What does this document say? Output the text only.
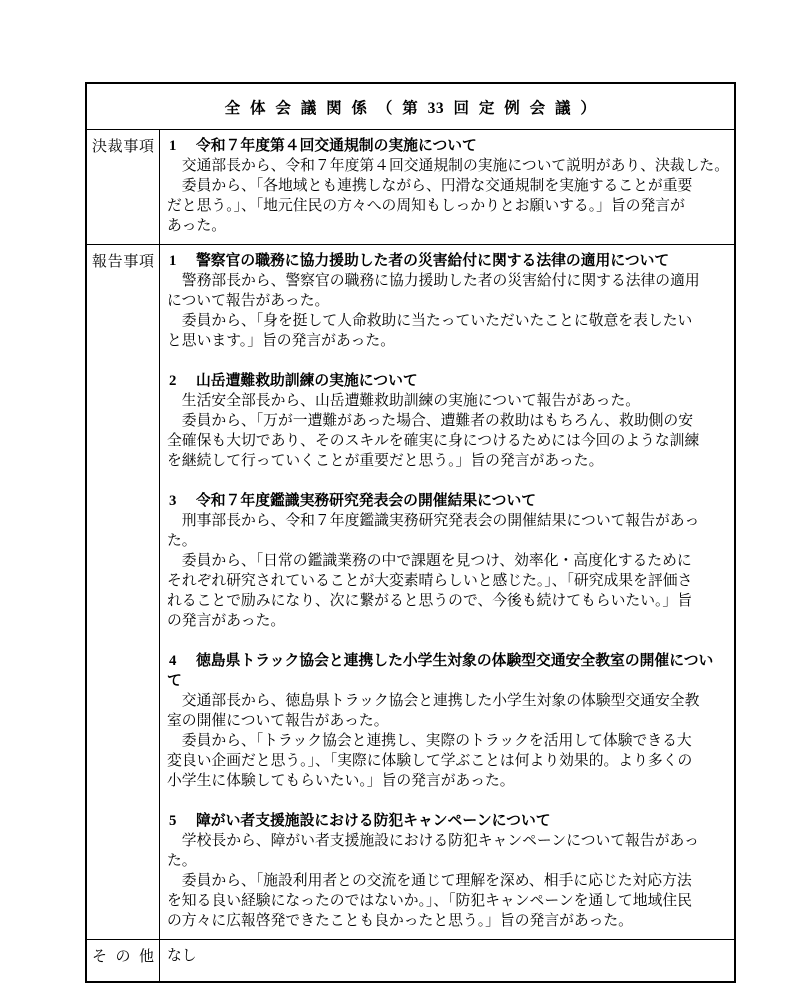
全 体 会 議 関 係 （ 第 33 回 定 例 会 議 ）
決裁事項 1 令和７年度第４回交通規制の実施について
　交通部長から、令和７年度第４回交通規制の実施について説明があり、決裁した。
　委員から、「各地域とも連携しながら、円滑な交通規制を実施することが重要
だと思う。」、「地元住民の方々への周知もしっかりとお願いする。」旨の発言が
あった。
報告事項 1 警察官の職務に協力援助した者の災害給付に関する法律の適用について
　警務部長から、警察官の職務に協力援助した者の災害給付に関する法律の適用
について報告があった。
　委員から、「身を挺して人命救助に当たっていただいたことに敬意を表したい
と思います。」旨の発言があった。
2 山岳遭難救助訓練の実施について
　生活安全部長から、山岳遭難救助訓練の実施について報告があった。
　委員から、「万が一遭難があった場合、遭難者の救助はもちろん、救助側の安
全確保も大切であり、そのスキルを確実に身につけるためには今回のような訓練
を継続して行っていくことが重要だと思う。」旨の発言があった。
3 令和７年度鑑識実務研究発表会の開催結果について
　刑事部長から、令和７年度鑑識実務研究発表会の開催結果について報告があっ
た。
　委員から、「日常の鑑識業務の中で課題を見つけ、効率化・高度化するために
それぞれ研究されていることが大変素晴らしいと感じた。」、「研究成果を評価さ
れることで励みになり、次に繋がると思うので、今後も続けてもらいたい。」旨
の発言があった。
4 徳島県トラック協会と連携した小学生対象の体験型交通安全教室の開催につい
て
　交通部長から、徳島県トラック協会と連携した小学生対象の体験型交通安全教
室の開催について報告があった。
　委員から、「トラック協会と連携し、実際のトラックを活用して体験できる大
変良い企画だと思う。」、「実際に体験して学ぶことは何より効果的。より多くの
小学生に体験してもらいたい。」旨の発言があった。
5 障がい者支援施設における防犯キャンペーンについて
　学校長から、障がい者支援施設における防犯キャンペーンについて報告があっ
た。
　委員から、「施設利用者との交流を通じて理解を深め、相手に応じた対応方法
を知る良い経験になったのではないか。」、「防犯キャンペーンを通して地域住民
の方々に広報啓発できたことも良かったと思う。」旨の発言があった。
その他 なし
